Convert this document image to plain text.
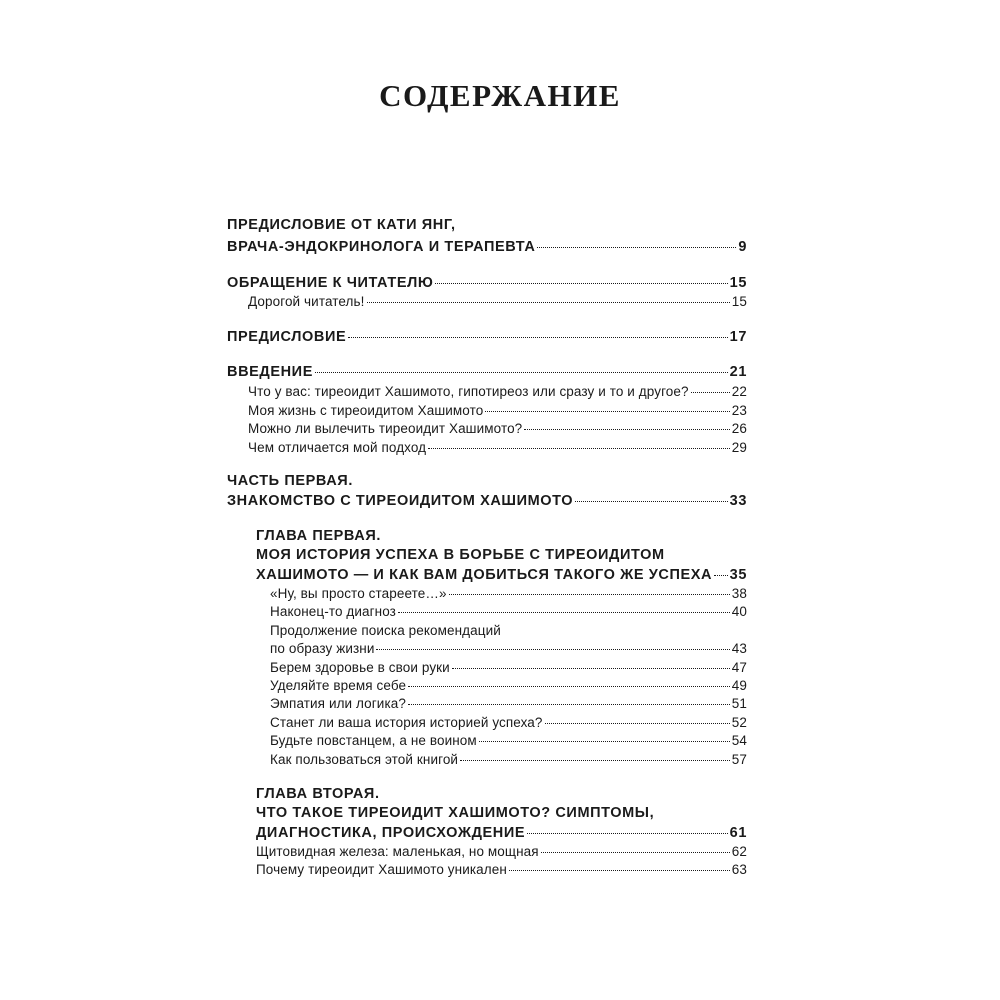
СОДЕРЖАНИЕ
ПРЕДИСЛОВИЕ ОТ КАТИ ЯНГ,
ВРАЧА-ЭНДОКРИНОЛОГА И ТЕРАПЕВТА	9
ОБРАЩЕНИЕ К ЧИТАТЕЛЮ	15
Дорогой читатель!	15
ПРЕДИСЛОВИЕ	17
ВВЕДЕНИЕ	21
Что у вас: тиреоидит Хашимото, гипотиреоз или сразу и то и другое?	22
Моя жизнь с тиреоидитом Хашимото	23
Можно ли вылечить тиреоидит Хашимото?	26
Чем отличается мой подход	29
ЧАСТЬ ПЕРВАЯ.
ЗНАКОМСТВО С ТИРЕОИДИТОМ ХАШИМОТО	33
ГЛАВА ПЕРВАЯ.
МОЯ ИСТОРИЯ УСПЕХА В БОРЬБЕ С ТИРЕОИДИТОМ
ХАШИМОТО — И КАК ВАМ ДОБИТЬСЯ ТАКОГО ЖЕ УСПЕХА 35
«Ну, вы просто стареете…»	38
Наконец-то диагноз	40
Продолжение поиска рекомендаций
по образу жизни	43
Берем здоровье в свои руки	47
Уделяйте время себе	49
Эмпатия или логика?	51
Станет ли ваша история историей успеха?	52
Будьте повстанцем, а не воином	54
Как пользоваться этой книгой	57
ГЛАВА ВТОРАЯ.
ЧТО ТАКОЕ ТИРЕОИДИТ ХАШИМОТО? СИМПТОМЫ,
ДИАГНОСТИКА, ПРОИСХОЖДЕНИЕ	61
Щитовидная железа: маленькая, но мощная	62
Почему тиреоидит Хашимото уникален	63
